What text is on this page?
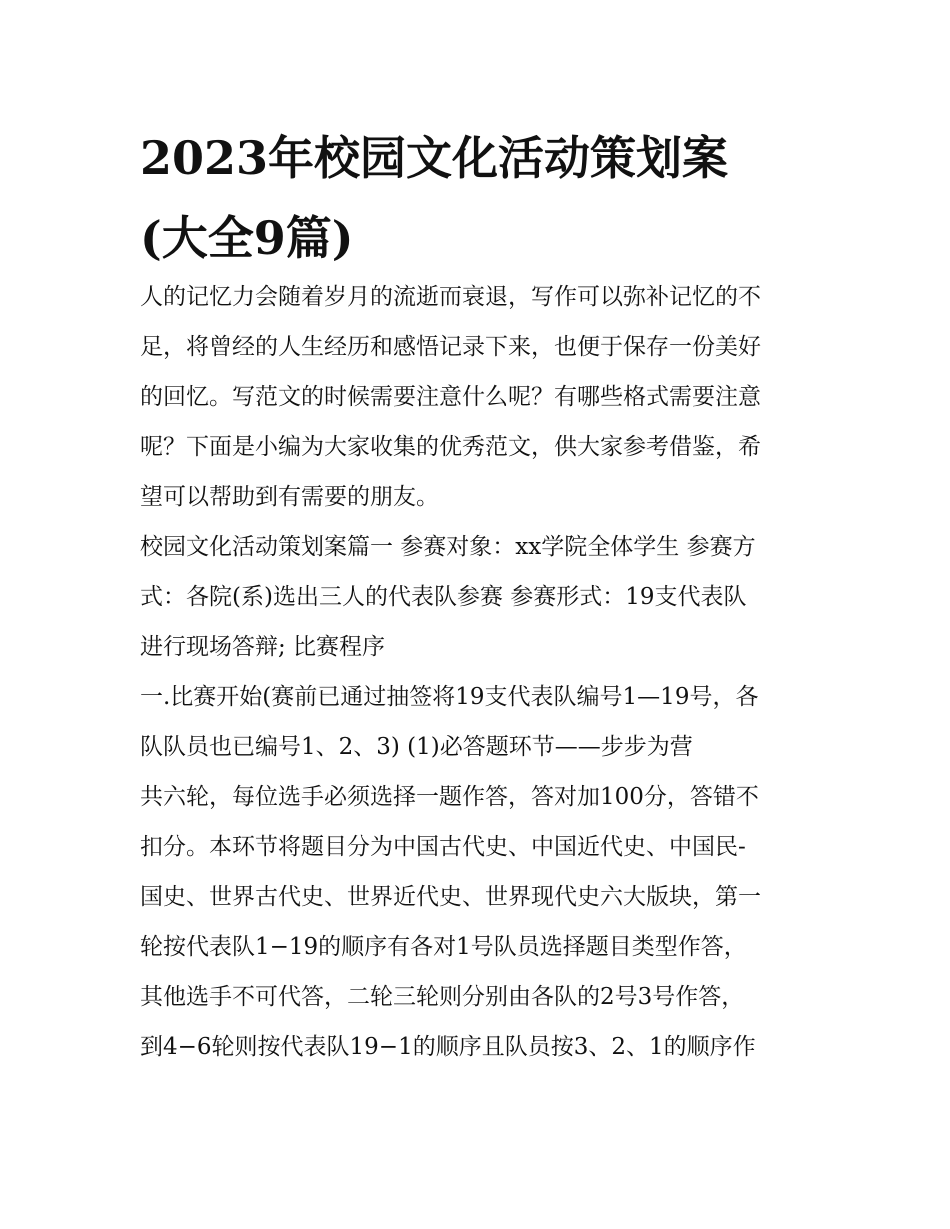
2023年校园文化活动策划案
(大全9篇)
人的记忆力会随着岁月的流逝而衰退，写作可以弥补记忆的不
足，将曾经的人生经历和感悟记录下来，也便于保存一份美好
的回忆。写范文的时候需要注意什么呢？有哪些格式需要注意
呢？下面是小编为大家收集的优秀范文，供大家参考借鉴，希
望可以帮助到有需要的朋友。
校园文化活动策划案篇一 参赛对象：xx学院全体学生 参赛方
式：各院(系)选出三人的代表队参赛 参赛形式：19支代表队
进行现场答辩; 比赛程序
一.比赛开始(赛前已通过抽签将19支代表队编号1—19号，各
队队员也已编号1、2、3) (1)必答题环节——步步为营
共六轮，每位选手必须选择一题作答，答对加100分，答错不
扣分。本环节将题目分为中国古代史、中国近代史、中国民-
国史、世界古代史、世界近代史、世界现代史六大版块，第一
轮按代表队1−19的顺序有各对1号队员选择题目类型作答，
其他选手不可代答，二轮三轮则分别由各队的2号3号作答，
到4−6轮则按代表队19−1的顺序且队员按3、2、1的顺序作
